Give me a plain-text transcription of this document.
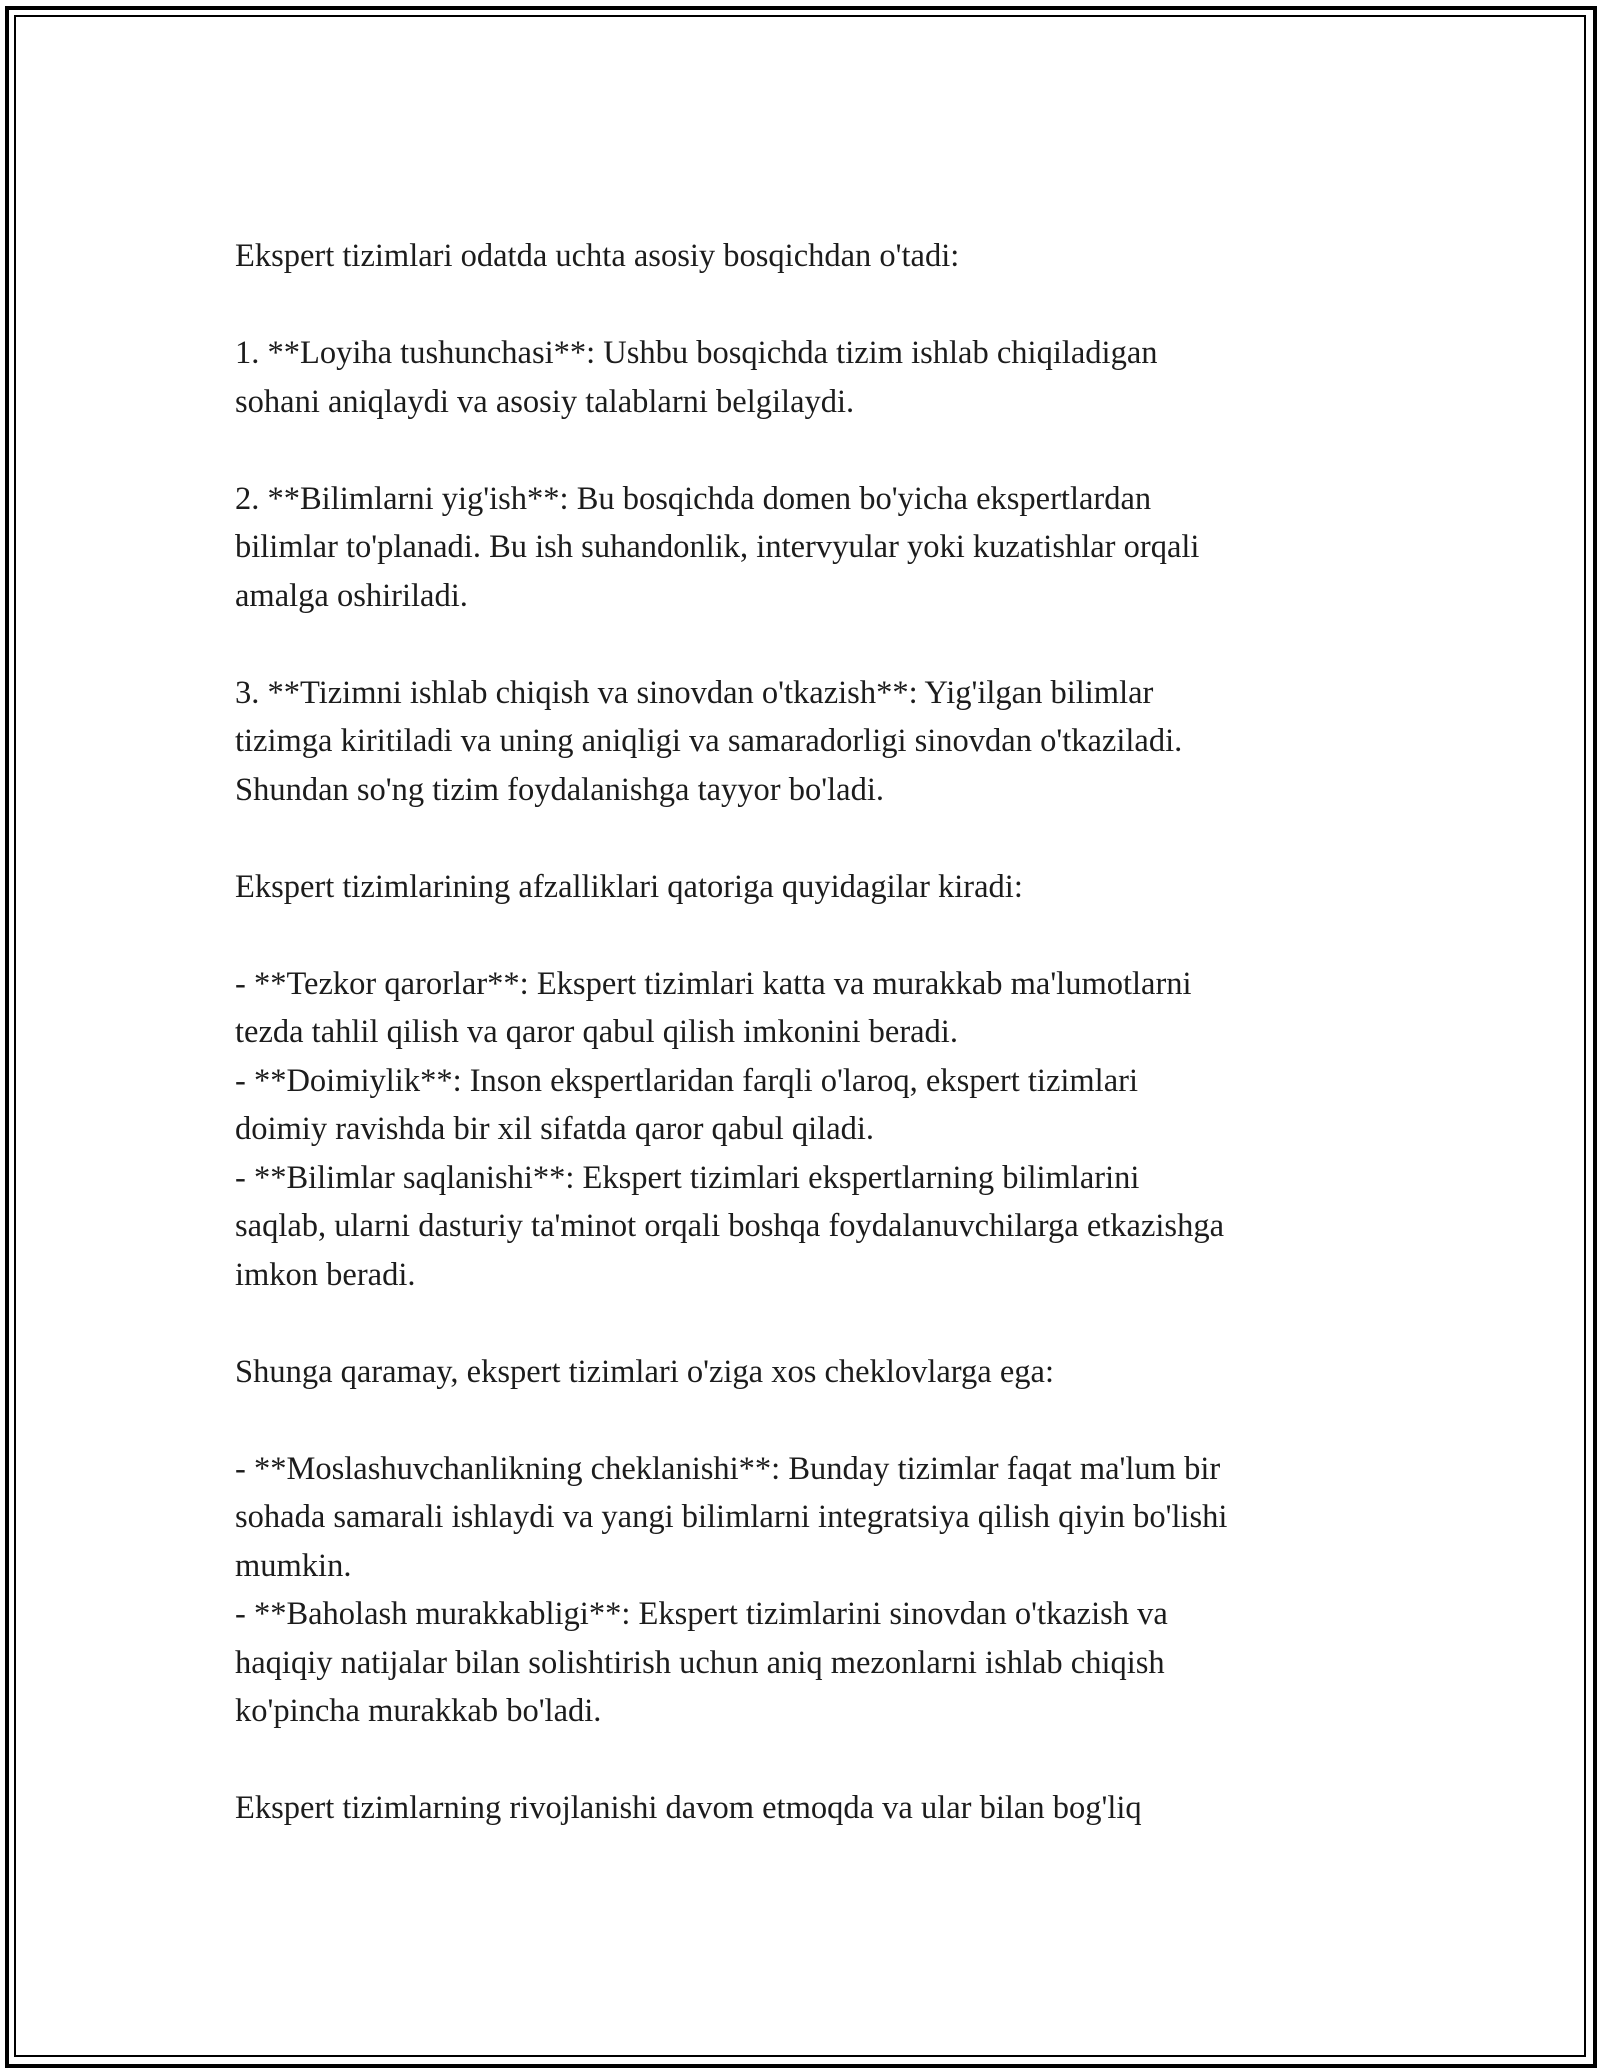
Ekspert tizimlari odatda uchta asosiy bosqichdan o'tadi:

1. **Loyiha tushunchasi**: Ushbu bosqichda tizim ishlab chiqiladigan

sohani aniqlaydi va asosiy talablarni belgilaydi.

2. **Bilimlarni yig'ish**: Bu bosqichda domen bo'yicha ekspertlardan

bilimlar to'planadi. Bu ish suhandonlik, intervyular yoki kuzatishlar orqali

amalga oshiriladi.

3. **Tizimni ishlab chiqish va sinovdan o'tkazish**: Yig'ilgan bilimlar

tizimga kiritiladi va uning aniqligi va samaradorligi sinovdan o'tkaziladi.

Shundan so'ng tizim foydalanishga tayyor bo'ladi.

Ekspert tizimlarining afzalliklari qatoriga quyidagilar kiradi:

- **Tezkor qarorlar**: Ekspert tizimlari katta va murakkab ma'lumotlarni

tezda tahlil qilish va qaror qabul qilish imkonini beradi.

- **Doimiylik**: Inson ekspertlaridan farqli o'laroq, ekspert tizimlari

doimiy ravishda bir xil sifatda qaror qabul qiladi.

- **Bilimlar saqlanishi**: Ekspert tizimlari ekspertlarning bilimlarini

saqlab, ularni dasturiy ta'minot orqali boshqa foydalanuvchilarga etkazishga

imkon beradi.

Shunga qaramay, ekspert tizimlari o'ziga xos cheklovlarga ega:

- **Moslashuvchanlikning cheklanishi**: Bunday tizimlar faqat ma'lum bir

sohada samarali ishlaydi va yangi bilimlarni integratsiya qilish qiyin bo'lishi

mumkin.

- **Baholash murakkabligi**: Ekspert tizimlarini sinovdan o'tkazish va

haqiqiy natijalar bilan solishtirish uchun aniq mezonlarni ishlab chiqish

ko'pincha murakkab bo'ladi.

Ekspert tizimlarning rivojlanishi davom etmoqda va ular bilan bog'liq
